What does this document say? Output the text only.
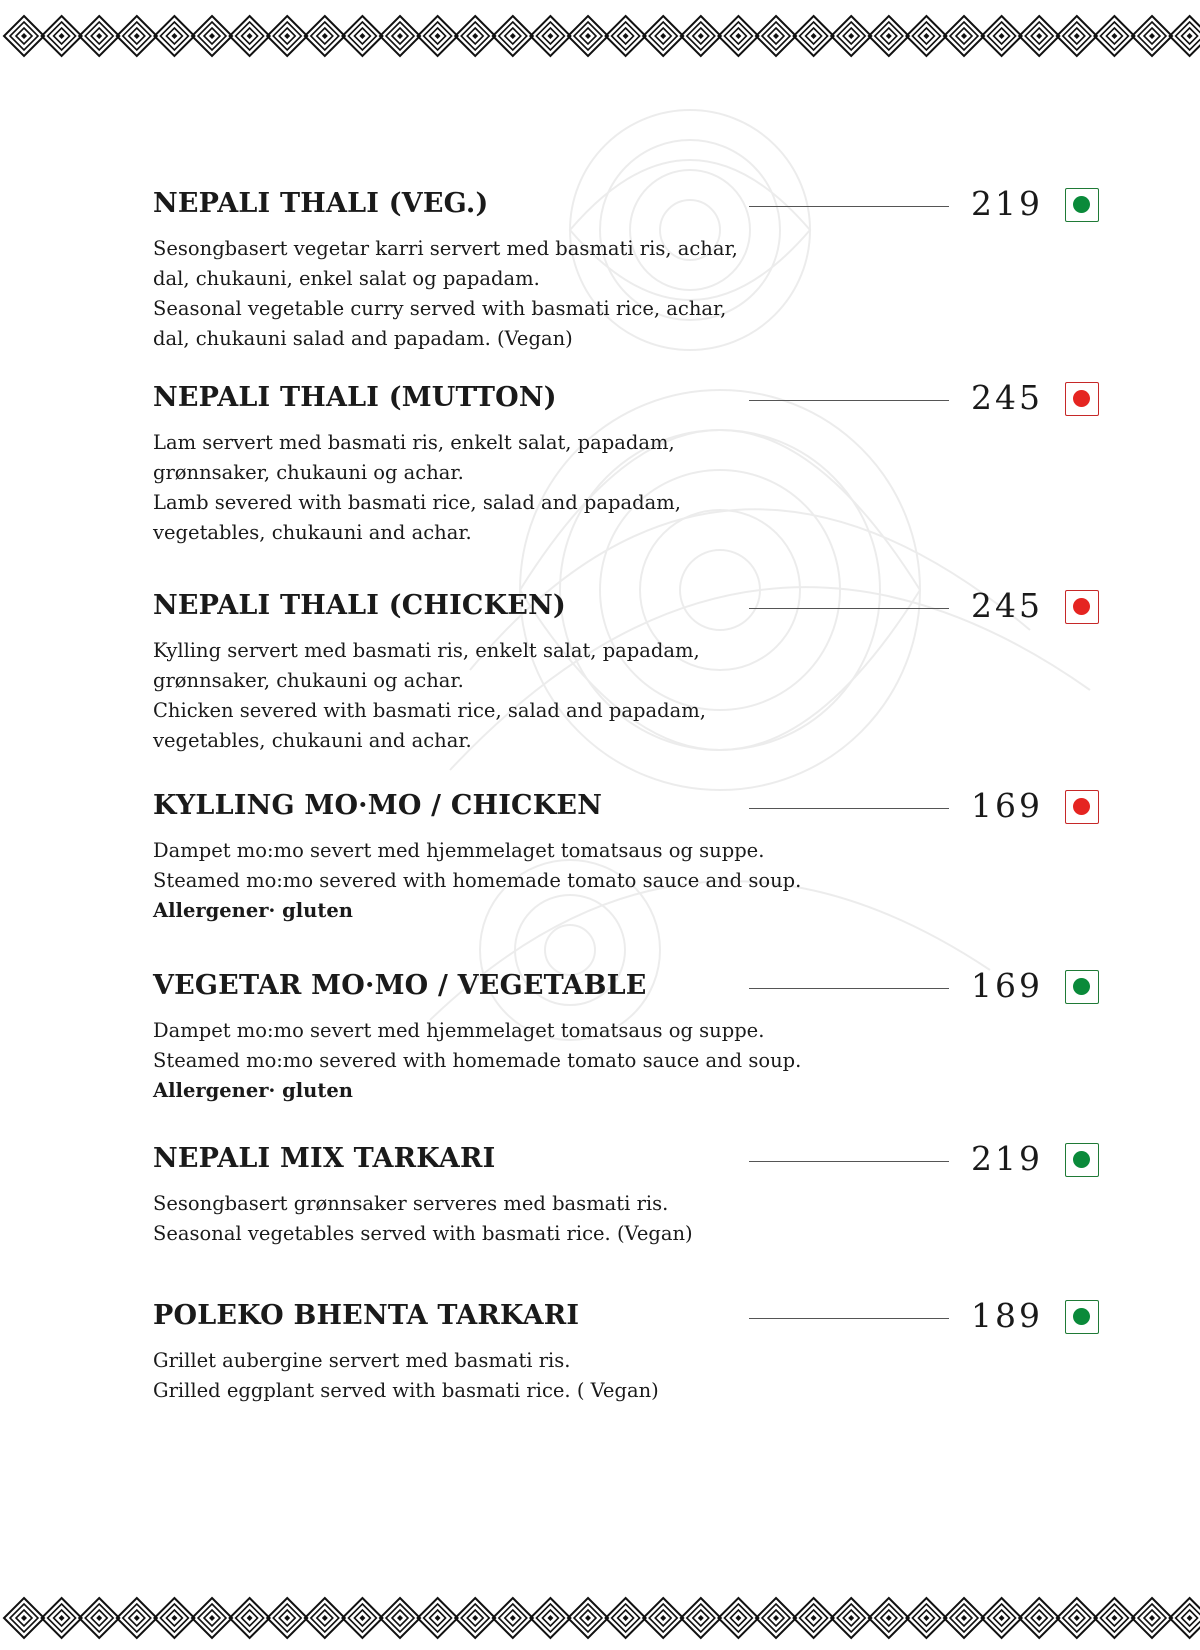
NEPALI THALI (VEG.)	219
Sesongbasert vegetar karri servert med basmati ris, achar,
dal, chukauni, enkel salat og papadam.
Seasonal vegetable curry served with basmati rice, achar,
dal, chukauni salad and papadam. (Vegan)
NEPALI THALI (MUTTON)	245
Lam servert med basmati ris, enkelt salat, papadam,
grønnsaker, chukauni og achar.
Lamb severed with basmati rice, salad and papadam,
vegetables, chukauni and achar.
NEPALI THALI (CHICKEN)	245
Kylling servert med basmati ris, enkelt salat, papadam,
grønnsaker, chukauni og achar.
Chicken severed with basmati rice, salad and papadam,
vegetables, chukauni and achar.
KYLLING MO·MO / CHICKEN	169
Dampet mo:mo severt med hjemmelaget tomatsaus og suppe.
Steamed mo:mo severed with homemade tomato sauce and soup.
Allergener· gluten
VEGETAR MO·MO / VEGETABLE	169
Dampet mo:mo severt med hjemmelaget tomatsaus og suppe.
Steamed mo:mo severed with homemade tomato sauce and soup.
Allergener· gluten
NEPALI MIX TARKARI	219
Sesongbasert grønnsaker serveres med basmati ris.
Seasonal vegetables served with basmati rice. (Vegan)
POLEKO BHENTA TARKARI	189
Grillet aubergine servert med basmati ris.
Grilled eggplant served with basmati rice. ( Vegan)
